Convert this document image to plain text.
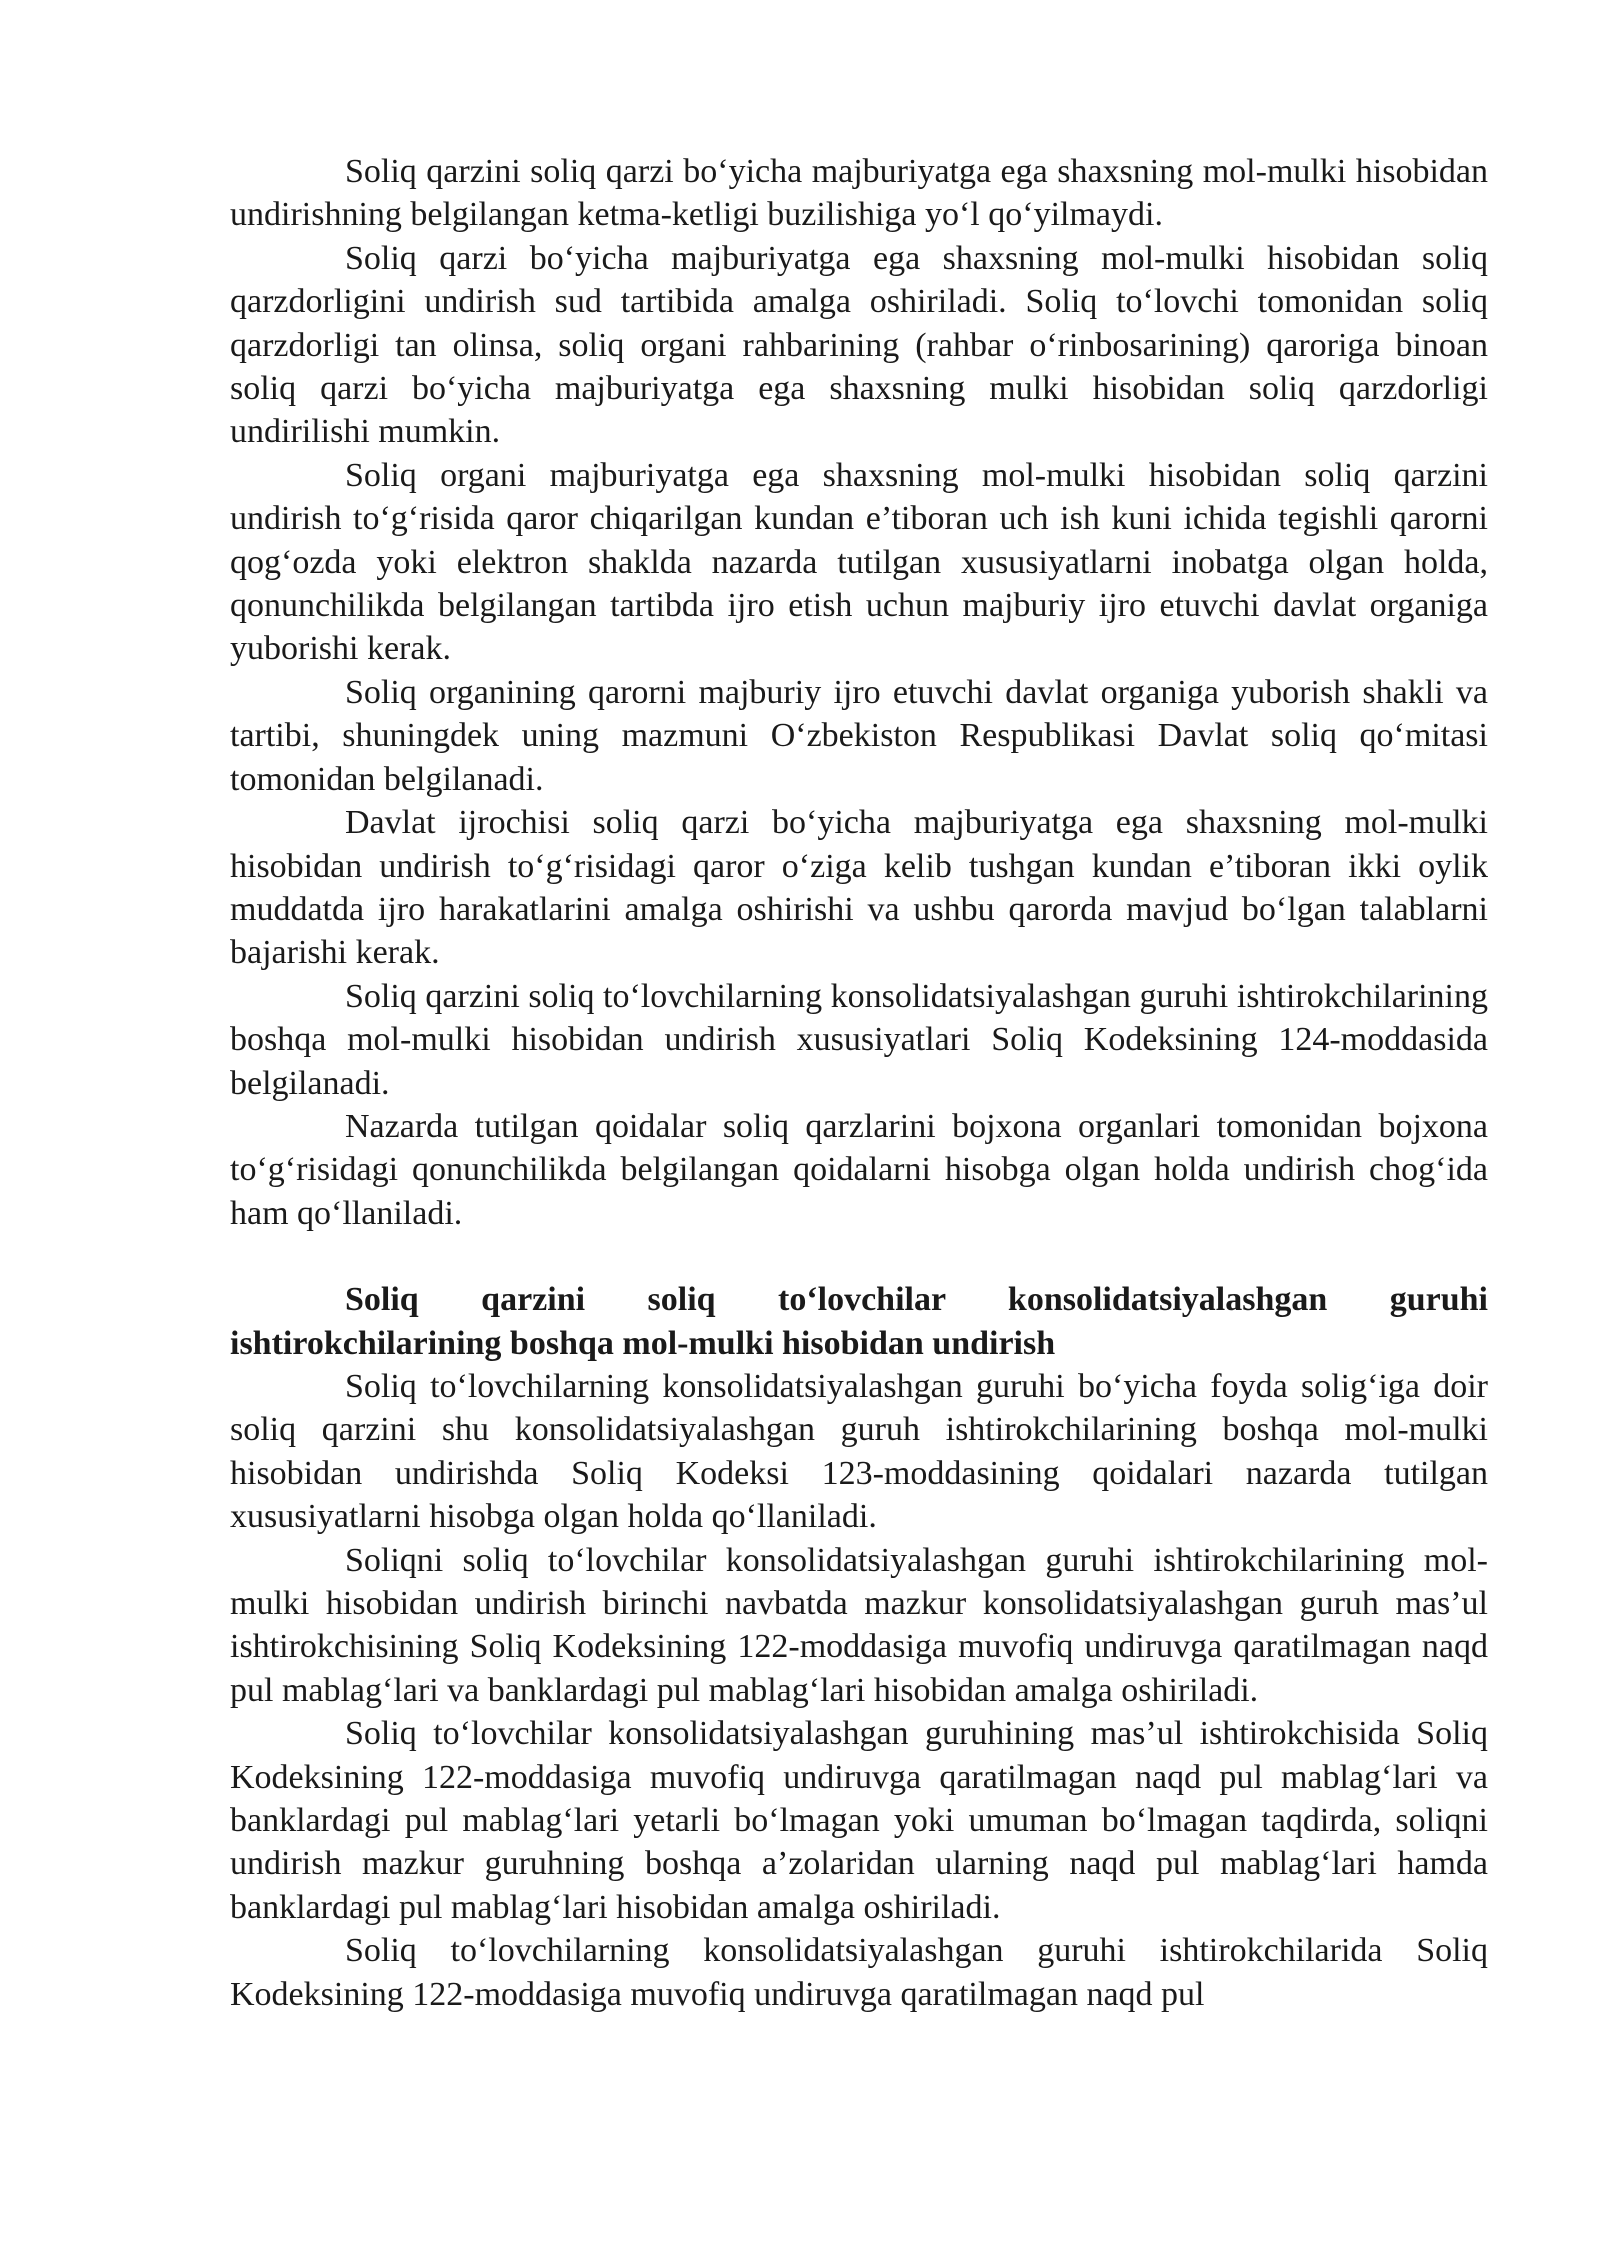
Soliq qarzini soliq qarzi bo‘yicha majburiyatga ega shaxsning mol-mulki hisobidan undirishning belgilangan ketma-ketligi buzilishiga yo‘l qo‘yilmaydi.

Soliq qarzi bo‘yicha majburiyatga ega shaxsning mol-mulki hisobidan soliq qarzdorligini undirish sud tartibida amalga oshiriladi. Soliq to‘lovchi tomonidan soliq qarzdorligi tan olinsa, soliq organi rahbarining (rahbar o‘rinbosarining) qaroriga binoan soliq qarzi bo‘yicha majburiyatga ega shaxsning mulki hisobidan soliq qarzdorligi undirilishi mumkin.

Soliq organi majburiyatga ega shaxsning mol-mulki hisobidan soliq qarzini undirish to‘g‘risida qaror chiqarilgan kundan e’tiboran uch ish kuni ichida tegishli qarorni qog‘ozda yoki elektron shaklda nazarda tutilgan xususiyatlarni inobatga olgan holda, qonunchilikda belgilangan tartibda ijro etish uchun majburiy ijro etuvchi davlat organiga yuborishi kerak.

Soliq organining qarorni majburiy ijro etuvchi davlat organiga yuborish shakli va tartibi, shuningdek uning mazmuni O‘zbekiston Respublikasi Davlat soliq qo‘mitasi tomonidan belgilanadi.

Davlat ijrochisi soliq qarzi bo‘yicha majburiyatga ega shaxsning mol-mulki hisobidan undirish to‘g‘risidagi qaror o‘ziga kelib tushgan kundan e’tiboran ikki oylik muddatda ijro harakatlarini amalga oshirishi va ushbu qarorda mavjud bo‘lgan talablarni bajarishi kerak.

Soliq qarzini soliq to‘lovchilarning konsolidatsiyalashgan guruhi ishtirokchilarining boshqa mol-mulki hisobidan undirish xususiyatlari Soliq Kodeksining 124-moddasida belgilanadi.

Nazarda tutilgan qoidalar soliq qarzlarini bojxona organlari tomonidan bojxona to‘g‘risidagi qonunchilikda belgilangan qoidalarni hisobga olgan holda undirish chog‘ida ham qo‘llaniladi.

Soliq qarzini soliq to‘lovchilar konsolidatsiyalashgan guruhi ishtirokchilarining boshqa mol-mulki hisobidan undirish

Soliq to‘lovchilarning konsolidatsiyalashgan guruhi bo‘yicha foyda solig‘iga doir soliq qarzini shu konsolidatsiyalashgan guruh ishtirokchilarining boshqa mol-mulki hisobidan undirishda Soliq Kodeksi 123-moddasining qoidalari nazarda tutilgan xususiyatlarni hisobga olgan holda qo‘llaniladi.

Soliqni soliq to‘lovchilar konsolidatsiyalashgan guruhi ishtirokchilarining mol-mulki hisobidan undirish birinchi navbatda mazkur konsolidatsiyalashgan guruh mas’ul ishtirokchisining Soliq Kodeksining 122-moddasiga muvofiq undiruvga qaratilmagan naqd pul mablag‘lari va banklardagi pul mablag‘lari hisobidan amalga oshiriladi.

Soliq to‘lovchilar konsolidatsiyalashgan guruhining mas’ul ishtirokchisida Soliq Kodeksining 122-moddasiga muvofiq undiruvga qaratilmagan naqd pul mablag‘lari va banklardagi pul mablag‘lari yetarli bo‘lmagan yoki umuman bo‘lmagan taqdirda, soliqni undirish mazkur guruhning boshqa a’zolaridan ularning naqd pul mablag‘lari hamda banklardagi pul mablag‘lari hisobidan amalga oshiriladi.

Soliq to‘lovchilarning konsolidatsiyalashgan guruhi ishtirokchilarida Soliq Kodeksining 122-moddasiga muvofiq undiruvga qaratilmagan naqd pul
